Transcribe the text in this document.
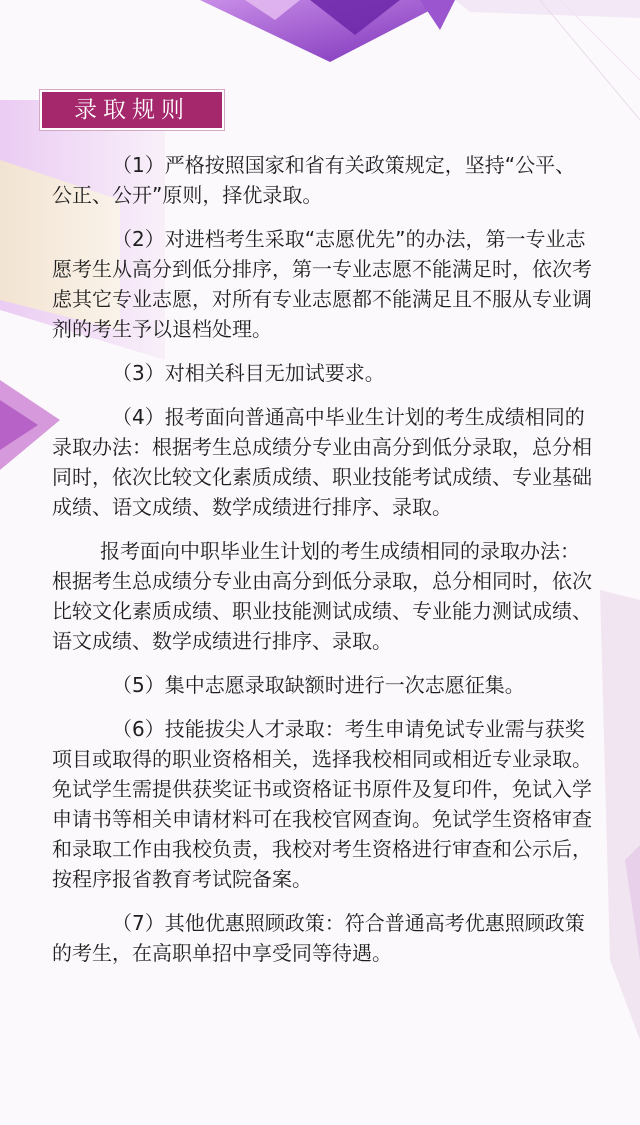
录取规则

（1）严格按照国家和省有关政策规定，坚持“公平、公正、公开”原则，择优录取。

（2）对进档考生采取“志愿优先”的办法，第一专业志愿考生从高分到低分排序，第一专业志愿不能满足时，依次考虑其它专业志愿，对所有专业志愿都不能满足且不服从专业调剂的考生予以退档处理。

（3）对相关科目无加试要求。

（4）报考面向普通高中毕业生计划的考生成绩相同的录取办法：根据考生总成绩分专业由高分到低分录取，总分相同时，依次比较文化素质成绩、职业技能考试成绩、专业基础成绩、语文成绩、数学成绩进行排序、录取。

报考面向中职毕业生计划的考生成绩相同的录取办法：根据考生总成绩分专业由高分到低分录取，总分相同时，依次比较文化素质成绩、职业技能测试成绩、专业能力测试成绩、语文成绩、数学成绩进行排序、录取。

（5）集中志愿录取缺额时进行一次志愿征集。

（6）技能拔尖人才录取：考生申请免试专业需与获奖项目或取得的职业资格相关，选择我校相同或相近专业录取。免试学生需提供获奖证书或资格证书原件及复印件，免试入学申请书等相关申请材料可在我校官网查询。免试学生资格审查和录取工作由我校负责，我校对考生资格进行审查和公示后，按程序报省教育考试院备案。

（7）其他优惠照顾政策：符合普通高考优惠照顾政策的考生，在高职单招中享受同等待遇。
